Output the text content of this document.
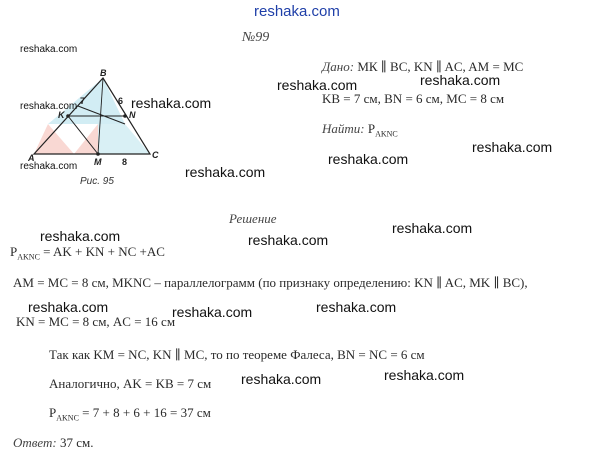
reshaka.com
№99
B
K	N
A	M
C
7	6
8
Рис. 95
Дано: МК ∥ ВС, KN ∥ AC, AM = MC
KB = 7 см, BN = 6 см, МС = 8 см
Найти: $P_{AKNC}$
Решение
$P_{AKNC}$ = AK + KN + NC +AC
AM = MC = 8 см, MKNC – параллелограмм (по признаку определению: KN ∥ AC, MK ∥ BC),
KN = MC = 8 см, AC = 16 см
Так как KM = NC, KN ∥ MC, то по теореме Фалеса, BN = NC = 6 см
Аналогично, AK = KB = 7 см
$P_{AKNC} = 7 + 8 + 6 + 16 = 37$ см
Ответ: 37 см.
reshaka.com
reshaka.com	reshaka.com
reshaka.com
reshaka.com	reshaka.com
reshaka.com
reshaka.com
reshaka.com
reshaka.com	reshaka.com
reshaka.com
reshaka.com	reshaka.com	reshaka.com
reshaka.com	reshaka.com
